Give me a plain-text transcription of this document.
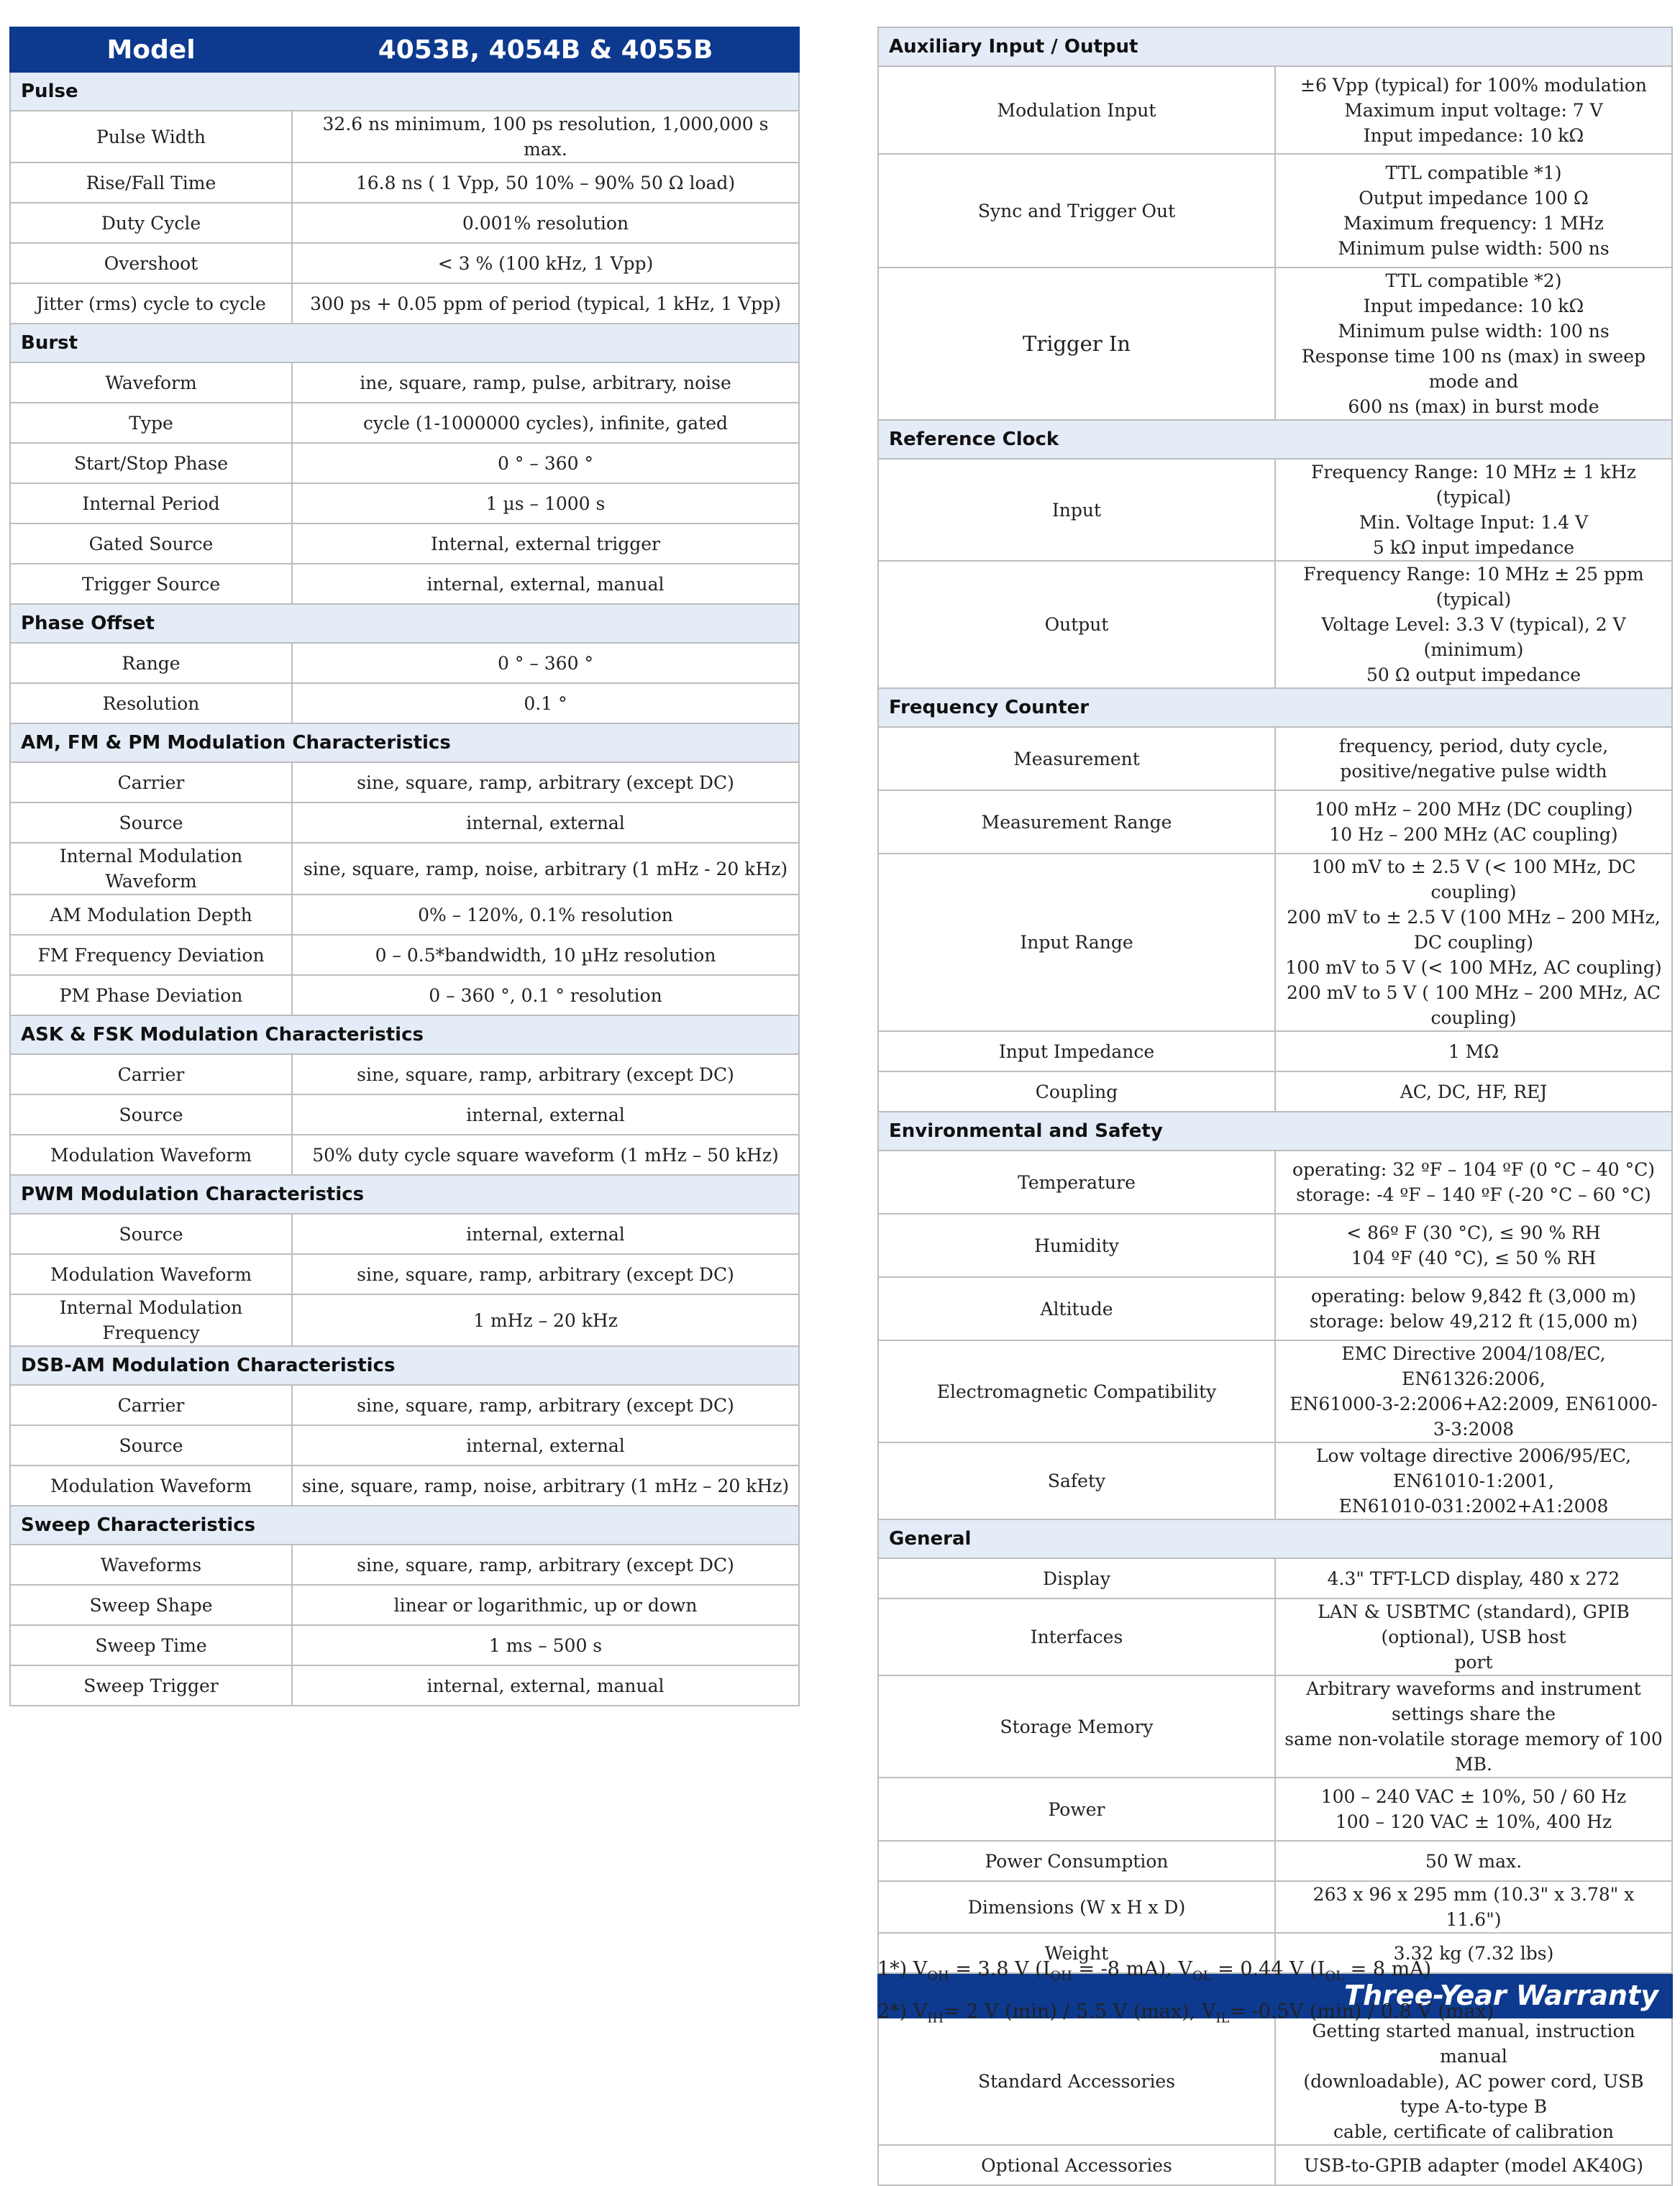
Model	4053B, 4054B & 4055B
Pulse	
Pulse Width	32.6 ns minimum, 100 ps resolution, 1,000,000 s max.
Rise/Fall Time	16.8 ns ( 1 Vpp, 50 10% – 90% 50 Ω load)
Duty Cycle	0.001% resolution
Overshoot	< 3 % (100 kHz, 1 Vpp)
Jitter (rms) cycle to cycle	300 ps + 0.05 ppm of period (typical, 1 kHz, 1 Vpp)
Burst	
Waveform	ine, square, ramp, pulse, arbitrary, noise
Type	cycle (1-1000000 cycles), infinite, gated
Start/Stop Phase	0 ° – 360 °
Internal Period	1 µs – 1000 s
Gated Source	Internal, external trigger
Trigger Source	internal, external, manual
Phase Offset	
Range	0 ° – 360 °
Resolution	0.1 °
AM, FM & PM Modulation Characteristics	
Carrier	sine, square, ramp, arbitrary (except DC)
Source	internal, external
Internal Modulation Waveform	sine, square, ramp, noise, arbitrary (1 mHz - 20 kHz)
AM Modulation Depth	0% – 120%, 0.1% resolution
FM Frequency Deviation	0 – 0.5*bandwidth, 10 µHz resolution
PM Phase Deviation	0 – 360 °, 0.1 ° resolution
ASK & FSK Modulation Characteristics	
Carrier	sine, square, ramp, arbitrary (except DC)
Source	internal, external
Modulation Waveform	50% duty cycle square waveform (1 mHz – 50 kHz)
PWM Modulation Characteristics	
Source	internal, external
Modulation Waveform	sine, square, ramp, arbitrary (except DC)
Internal Modulation Frequency	1 mHz – 20 kHz
DSB-AM Modulation Characteristics	
Carrier	sine, square, ramp, arbitrary (except DC)
Source	internal, external
Modulation Waveform	sine, square, ramp, noise, arbitrary (1 mHz – 20 kHz)
Sweep Characteristics	
Waveforms	sine, square, ramp, arbitrary (except DC)
Sweep Shape	linear or logarithmic, up or down
Sweep Time	1 ms – 500 s
Sweep Trigger	internal, external, manual
Auxiliary Input / Output	
Modulation Input	±6 Vpp (typical) for 100% modulation
Maximum input voltage: 7 V
Input impedance: 10 kΩ
Sync and Trigger Out	TTL compatible *1)
Output impedance 100 Ω
Maximum frequency: 1 MHz
Minimum pulse width: 500 ns
Trigger In	TTL compatible *2)
Input impedance: 10 kΩ
Minimum pulse width: 100 ns
Response time 100 ns (max) in sweep mode and
600 ns (max) in burst mode
Reference Clock	
Input	Frequency Range: 10 MHz ± 1 kHz (typical)
Min. Voltage Input: 1.4 V
5 kΩ input impedance
Output	Frequency Range: 10 MHz ± 25 ppm (typical)
Voltage Level: 3.3 V (typical), 2 V (minimum)
50 Ω output impedance
Frequency Counter	
Measurement	frequency, period, duty cycle,
positive/negative pulse width
Measurement Range	100 mHz – 200 MHz (DC coupling)
10 Hz – 200 MHz (AC coupling)
Input Range	100 mV to ± 2.5 V (< 100 MHz, DC coupling)
200 mV to ± 2.5 V (100 MHz – 200 MHz, DC coupling)
100 mV to 5 V (< 100 MHz, AC coupling)
200 mV to 5 V ( 100 MHz – 200 MHz, AC coupling)
Input Impedance	1 MΩ
Coupling	AC, DC, HF, REJ
Environmental and Safety	
Temperature	operating: 32 ºF – 104 ºF (0 °C – 40 °C)
storage: -4 ºF – 140 ºF (-20 °C – 60 °C)
Humidity	< 86º F (30 °C), ≤ 90 % RH
104 ºF (40 °C), ≤ 50 % RH
Altitude	operating: below 9,842 ft (3,000 m)
storage: below 49,212 ft (15,000 m)
Electromagnetic Compatibility	EMC Directive 2004/108/EC, EN61326:2006,
EN61000-3-2:2006+A2:2009, EN61000-3-3:2008
Safety	Low voltage directive 2006/95/EC, EN61010-1:2001,
EN61010-031:2002+A1:2008
General	
Display	4.3" TFT-LCD display, 480 x 272
Interfaces	LAN & USBTMC (standard), GPIB (optional), USB host
port
Storage Memory	Arbitrary waveforms and instrument settings share the
same non-volatile storage memory of 100 MB.
Power	100 – 240 VAC ± 10%, 50 / 60 Hz
100 – 120 VAC ± 10%, 400 Hz
Power Consumption	50 W max.
Dimensions (W x H x D)	263 x 96 x 295 mm (10.3" x 3.78" x 11.6")
Weight	3.32 kg (7.32 lbs)
Three-Year Warranty	
Standard Accessories	Getting started manual, instruction manual
(downloadable), AC power cord, USB type A-to-type B
cable, certificate of calibration
Optional Accessories	USB-to-GPIB adapter (model AK40G)
1*) $V_{OH} = 3.8$ V ($I_{OH} = -8$ mA), $V_{OL} = 0.44$ V ($I_{OL} = 8$ mA)
2*) $V_{IH}= 2$ V (min) / 5.5 V (max), $V_{IL}= -0.5V$ (min) / 0.8 V (max)
